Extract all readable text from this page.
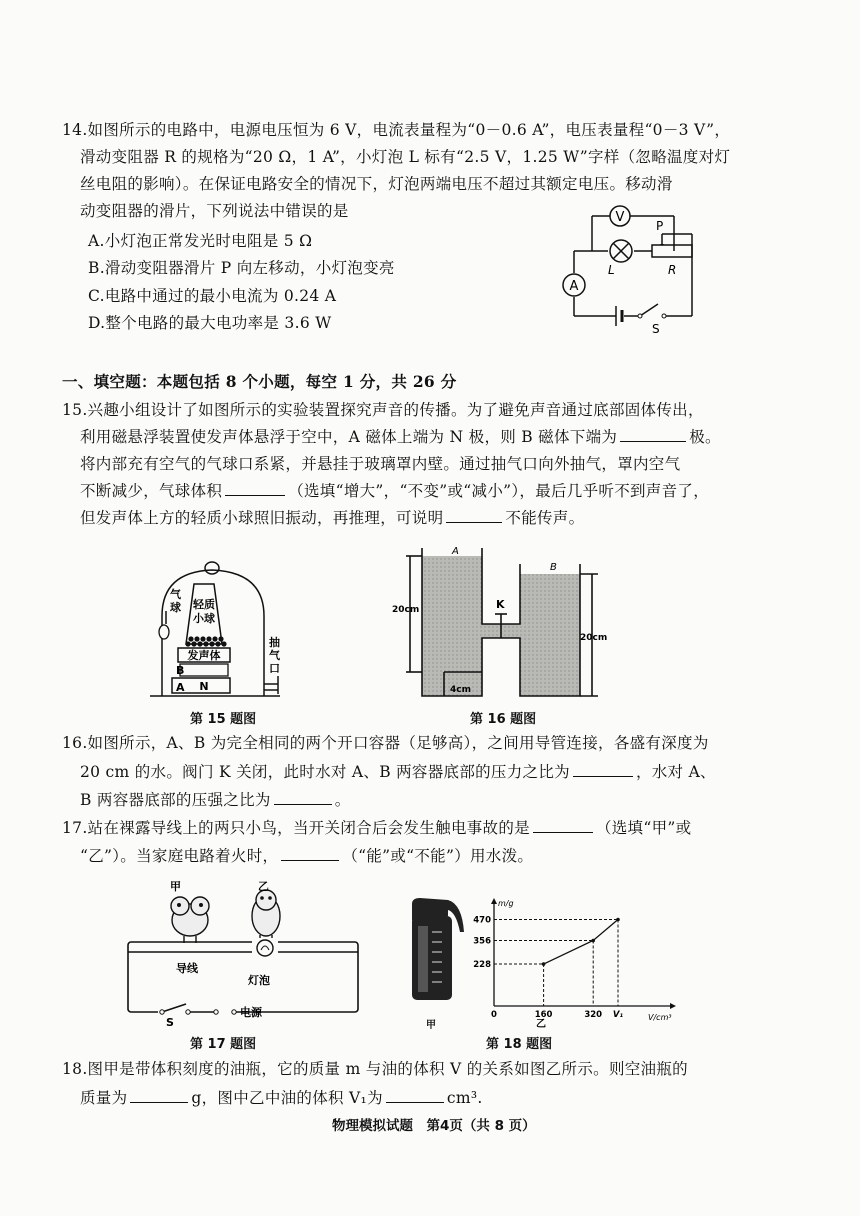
14.如图所示的电路中，电源电压恒为 6 V，电流表量程为“0－0.6 A”，电压表量程“0－3 V”，
滑动变阻器 R 的规格为“20 Ω，1 A”，小灯泡 L 标有“2.5 V，1.25 W”字样（忽略温度对灯
丝电阻的影响）。在保证电路安全的情况下，灯泡两端电压不超过其额定电压。移动滑
动变阻器的滑片，下列说法中错误的是
A.小灯泡正常发光时电阻是 5 Ω
B.滑动变阻器滑片 P 向左移动，小灯泡变亮
C.电路中通过的最小电流为 0.24 A
D.整个电路的最大电功率是 3.6 W
V
A
L
P
R
S
一、填空题：本题包括 8 个小题，每空 1 分，共 26 分
15.兴趣小组设计了如图所示的实验装置探究声音的传播。为了避免声音通过底部固体传出，
利用磁悬浮装置使发声体悬浮于空中，A 磁体上端为 N 极，则 B 磁体下端为	极。
将内部充有空气的气球口系紧，并悬挂于玻璃罩内壁。通过抽气口向外抽气，罩内空气
不断减少，气球体积	（选填“增大”，“不变”或“减小”），最后几乎听不到声音了，
但发声体上方的轻质小球照旧振动，再推理，可说明	不能传声。
气球 轻质
小球
发声体
B
A N
抽
气
口
第 15 题图
A
B
K
20cm
20cm
4cm
第 16 题图
16.如图所示，A、B 为完全相同的两个开口容器（足够高），之间用导管连接，各盛有深度为
20 cm 的水。阀门 K 关闭，此时水对 A、B 两容器底部的压力之比为	，水对 A、
B 两容器底部的压强之比为	。
17.站在裸露导线上的两只小鸟，当开关闭合后会发生触电事故的是	（选填“甲”或
“乙”）。当家庭电路着火时，	（“能”或“不能”）用水泼。
甲	乙
导线
灯泡
S
电源
第 17 题图
甲
m/g
V/cm³
228
356
470
0	160	320 V₁
乙
第 18 题图
18.图甲是带体积刻度的油瓶，它的质量 m 与油的体积 V 的关系如图乙所示。则空油瓶的
质量为	g，图中乙中油的体积 V₁为	cm³.
物理模拟试题　第4页（共 8 页）
